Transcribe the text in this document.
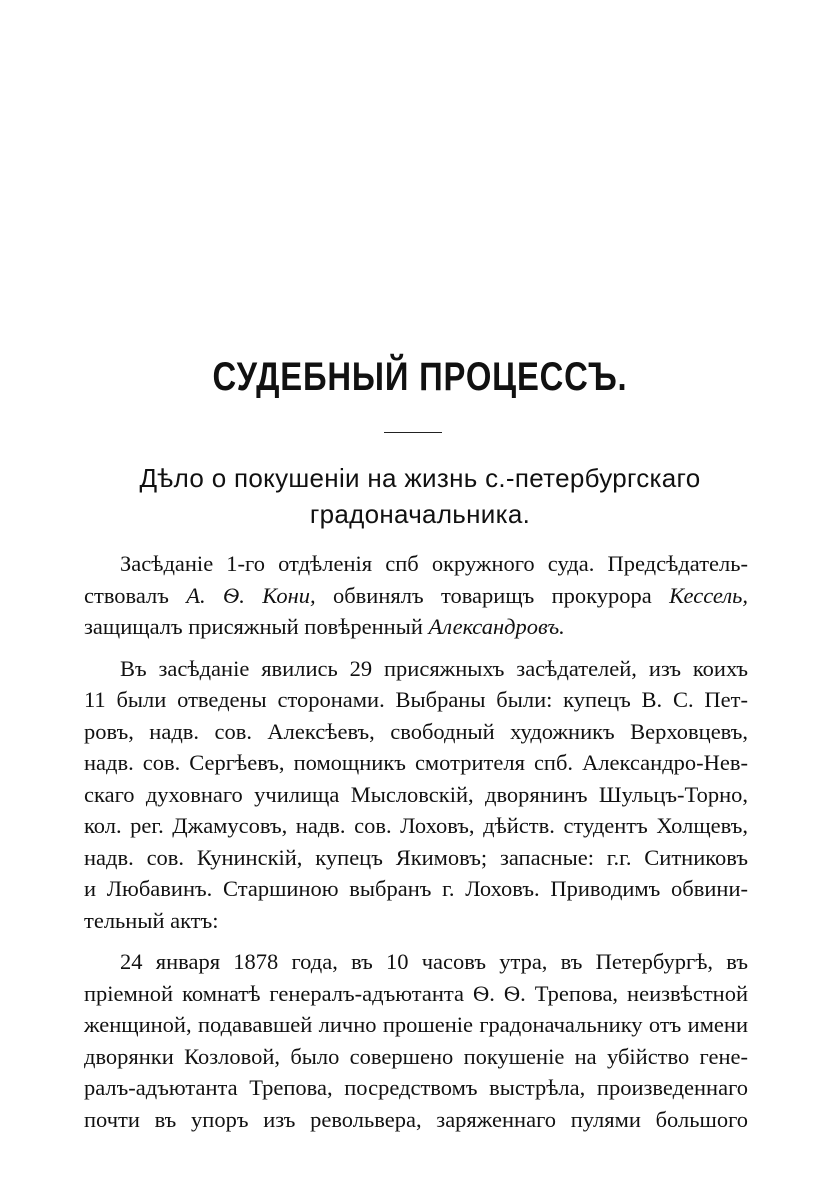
СУДЕБНЫЙ ПРОЦЕССЪ.
Дѣло о покушенiи на жизнь с.-петербургскаго
градоначальника.
Засѣданiе 1-го отдѣленiя спб окружного суда. Предсѣдатель-
ствовалъ А. Ѳ. Кони, обвинялъ товарищъ прокурора Кессель,
защищалъ присяжный повѣренный Александровъ.
Въ засѣданiе явились 29 присяжныхъ засѣдателей, изъ коихъ
11 были отведены сторонами. Выбраны были: купецъ В. С. Пет-
ровъ, надв. сов. Алексѣевъ, свободный художникъ Верховцевъ,
надв. сов. Сергѣевъ, помощникъ смотрителя спб. Александро-Нев-
скаго духовнаго училища Мысловскiй, дворянинъ Шульцъ-Торно,
кол. рег. Джамусовъ, надв. сов. Лоховъ, дѣйств. студентъ Холщевъ,
надв. сов. Кунинскiй, купецъ Якимовъ; запасные: г.г. Ситниковъ
и Любавинъ. Старшиною выбранъ г. Лоховъ. Приводимъ обвини-
тельный актъ:
24 января 1878 года, въ 10 часовъ утра, въ Петербургѣ, въ
прiемной комнатѣ генералъ-адъютанта Ѳ. Ѳ. Трепова, неизвѣстной
женщиной, подававшей лично прошенiе градоначальнику отъ имени
дворянки Козловой, было совершено покушенiе на убiйство гене-
ралъ-адъютанта Трепова, посредствомъ выстрѣла, произведеннаго
почти въ упоръ изъ револьвера, заряженнаго пулями большого
